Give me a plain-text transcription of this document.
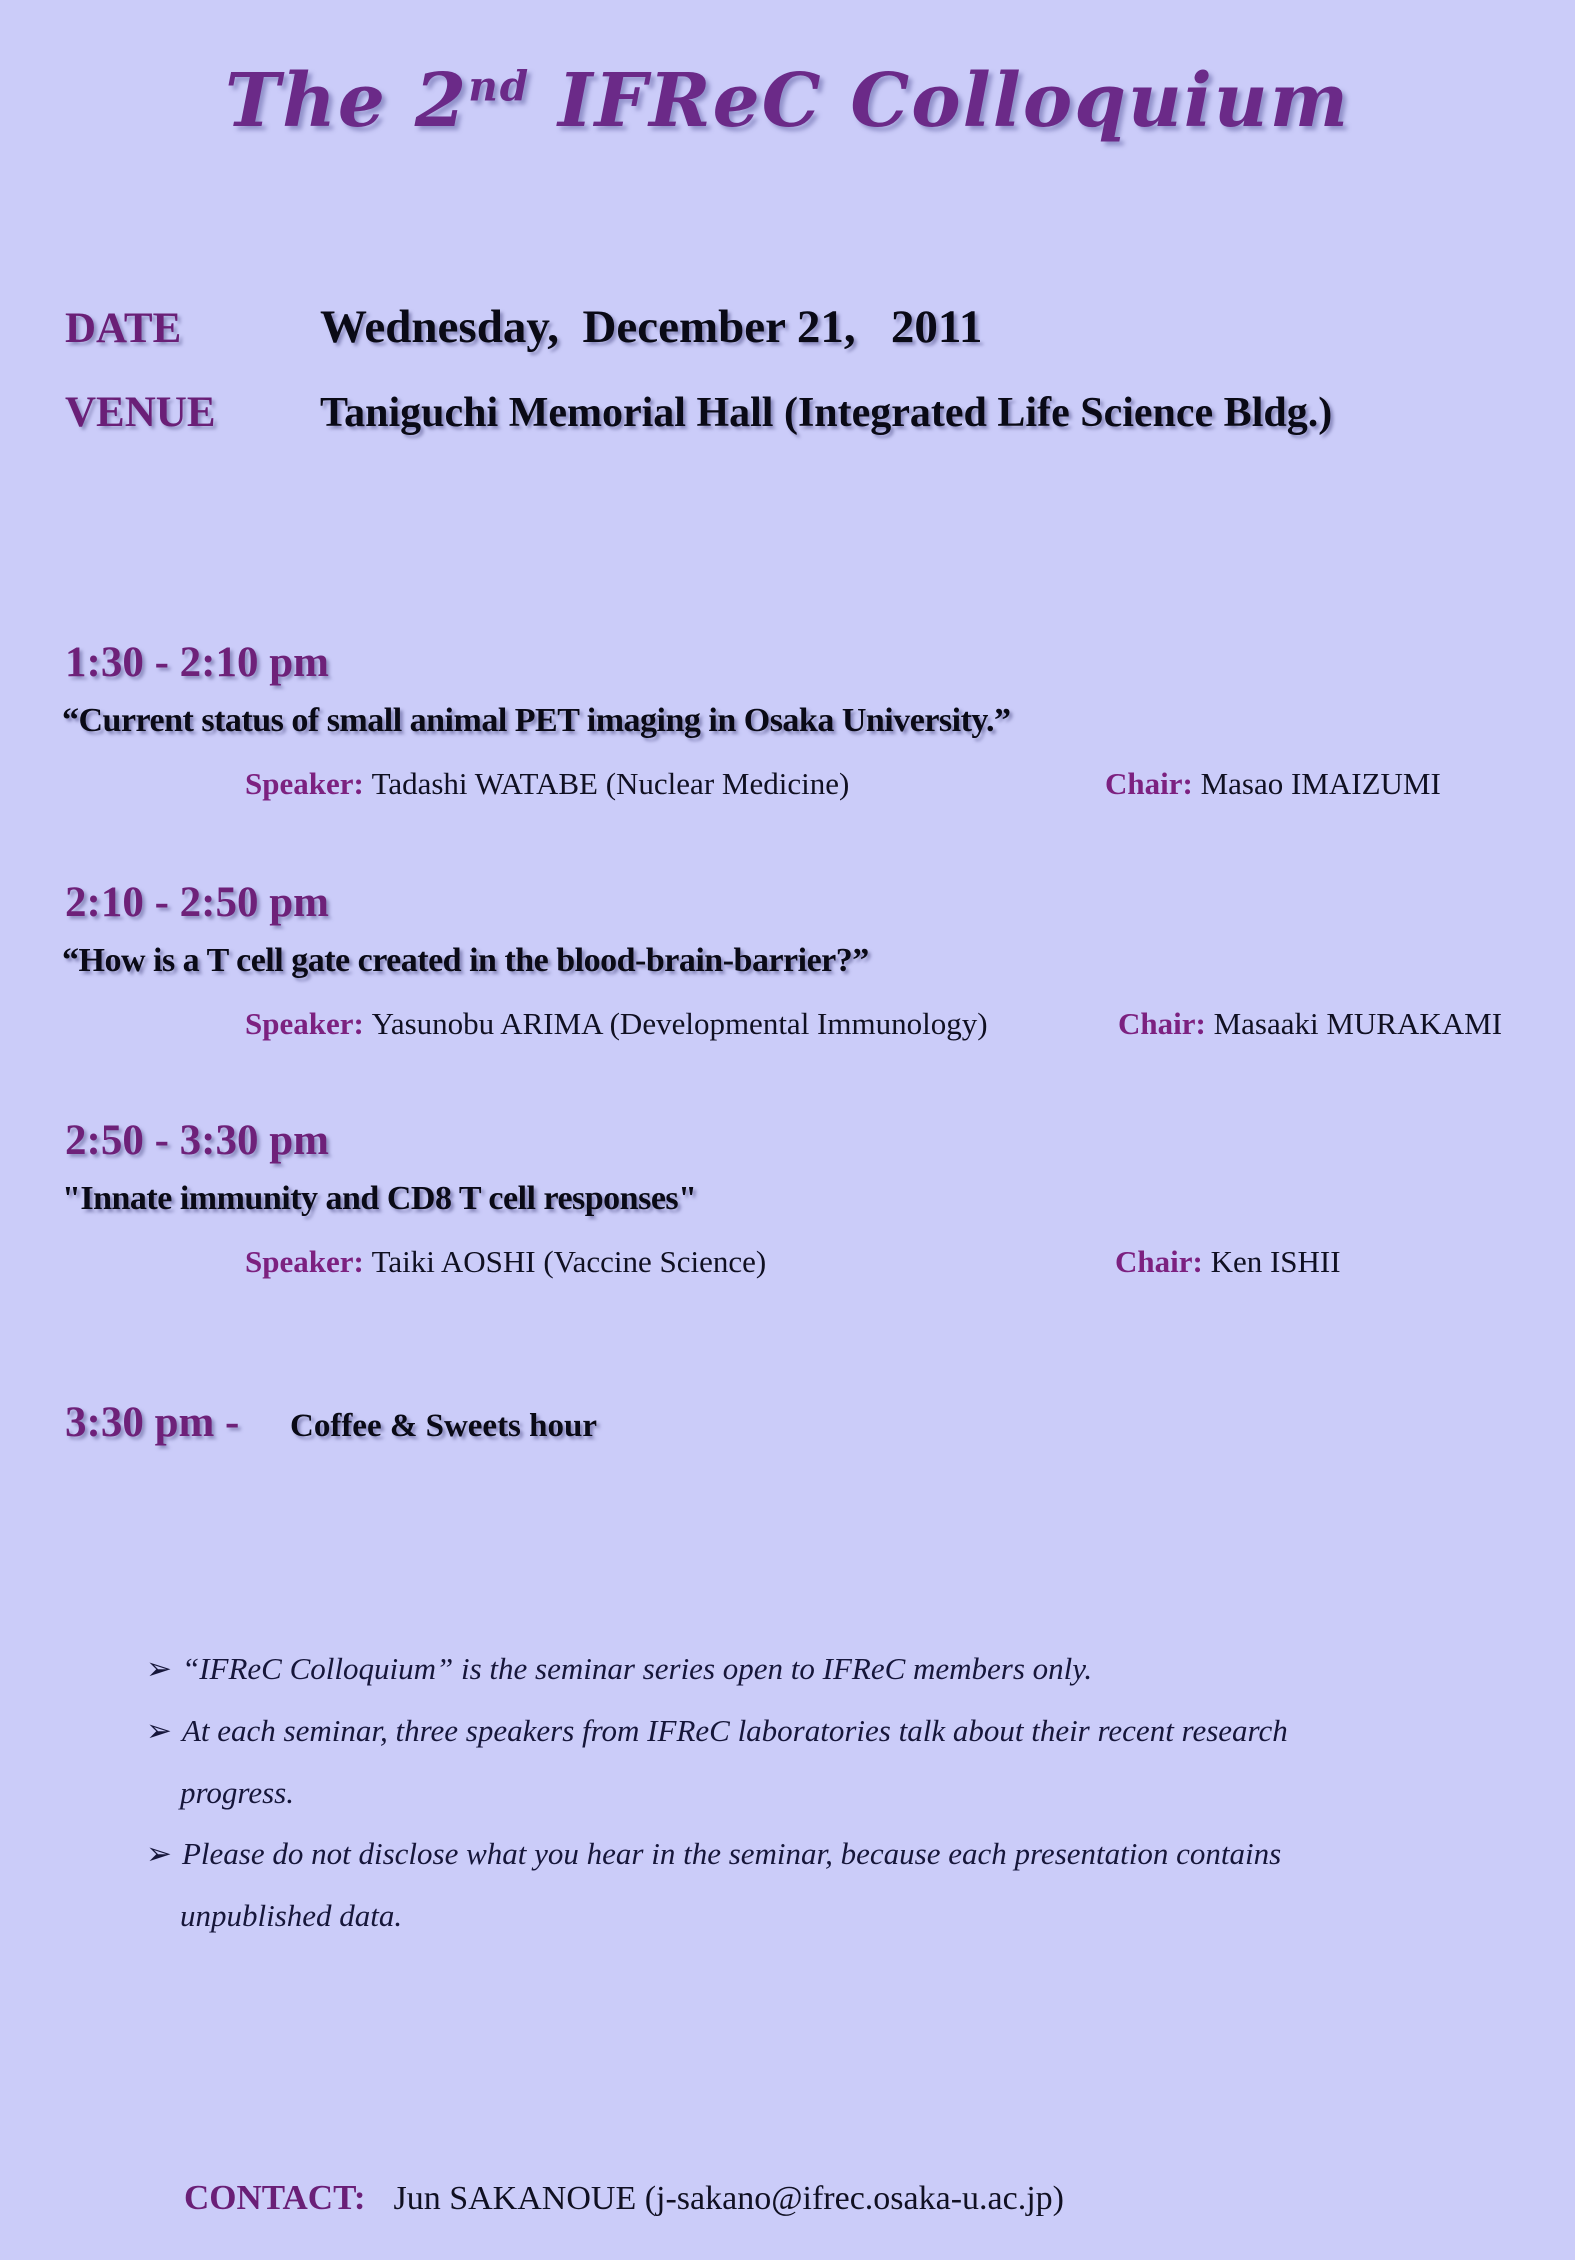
The 2nd IFReC Colloquium
DATE	Wednesday,  December 21,   2011
VENUE	Taniguchi Memorial Hall (Integrated Life Science Bldg.)
1:30 - 2:10 pm
“Current status of small animal PET imaging in Osaka University.”
Speaker: Tadashi WATABE (Nuclear Medicine)	Chair: Masao IMAIZUMI
2:10 - 2:50 pm
“How is a T cell gate created in the blood-brain-barrier?”
Speaker: Yasunobu ARIMA (Developmental Immunology)	Chair: Masaaki MURAKAMI
2:50 - 3:30 pm
"Innate immunity and CD8 T cell responses"
Speaker: Taiki AOSHI (Vaccine Science)	Chair: Ken ISHII
3:30 pm - Coffee & Sweets hour
➢ “IFReC Colloquium” is the seminar series open to IFReC members only.
➢ At each seminar, three speakers from IFReC laboratories talk about their recent research progress.
➢ Please do not disclose what you hear in the seminar, because each presentation contains unpublished data.

CONTACT: Jun SAKANOUE (j-sakano@ifrec.osaka-u.ac.jp)
